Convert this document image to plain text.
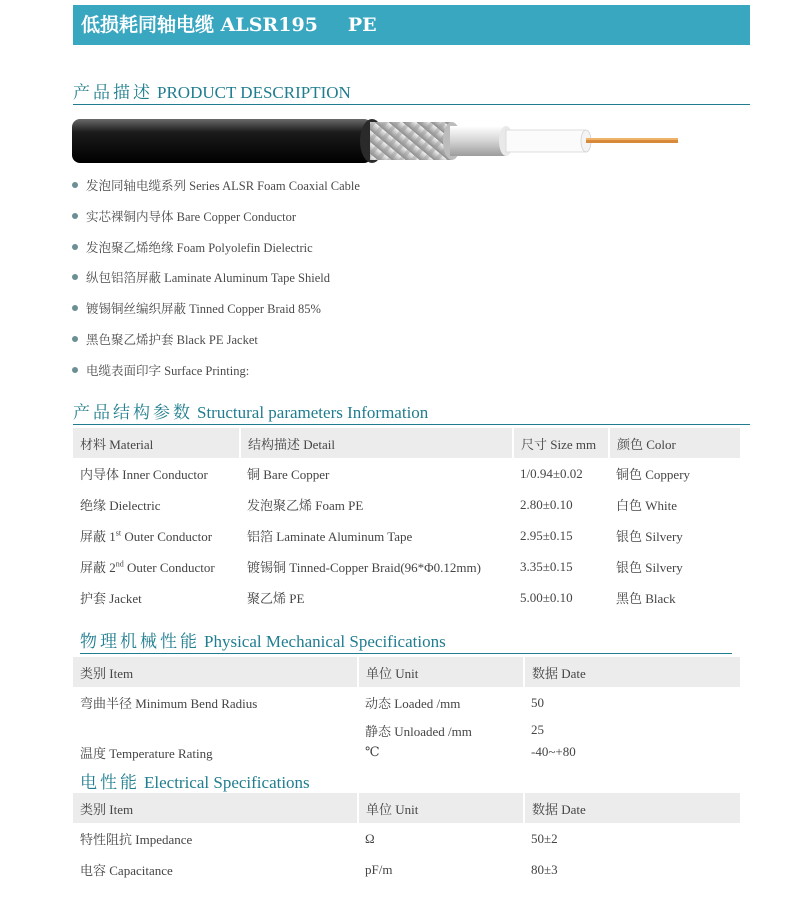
低损耗同轴电缆 ALSR195 PE
产品描述 PRODUCT DESCRIPTION
发泡同轴电缆系列 Series ALSR Foam Coaxial Cable
实芯裸铜内导体 Bare Copper Conductor
发泡聚乙烯绝缘 Foam Polyolefin Dielectric
纵包铝箔屏蔽 Laminate Aluminum Tape Shield
镀锡铜丝编织屏蔽 Tinned Copper Braid 85%
黑色聚乙烯护套 Black PE Jacket
电缆表面印字 Surface Printing:
产品结构参数 Structural parameters Information
材料 Material	结构描述 Detail	尺寸 Size mm	颜色 Color
内导体 Inner Conductor	铜 Bare Copper	1/0.94±0.02	铜色 Coppery
绝缘 Dielectric	发泡聚乙烯 Foam PE	2.80±0.10	白色 White
屏蔽 1st Outer Conductor	铝箔 Laminate Aluminum Tape	2.95±0.15	银色 Silvery
屏蔽 2nd Outer Conductor	镀锡铜 Tinned-Copper Braid(96*Φ0.12mm)	3.35±0.15	银色 Silvery
护套 Jacket	聚乙烯 PE	5.00±0.10	黑色 Black
物理机械性能 Physical Mechanical Specifications
类别 Item	单位 Unit	数据 Date
弯曲半径 Minimum Bend Radius	动态 Loaded /mm	50
	静态 Unloaded /mm	25
温度 Temperature Rating	℃	-40~+80
电性能 Electrical Specifications
类别 Item	单位 Unit	数据 Date
特性阻抗 Impedance	Ω	50±2
电容 Capacitance	pF/m	80±3
